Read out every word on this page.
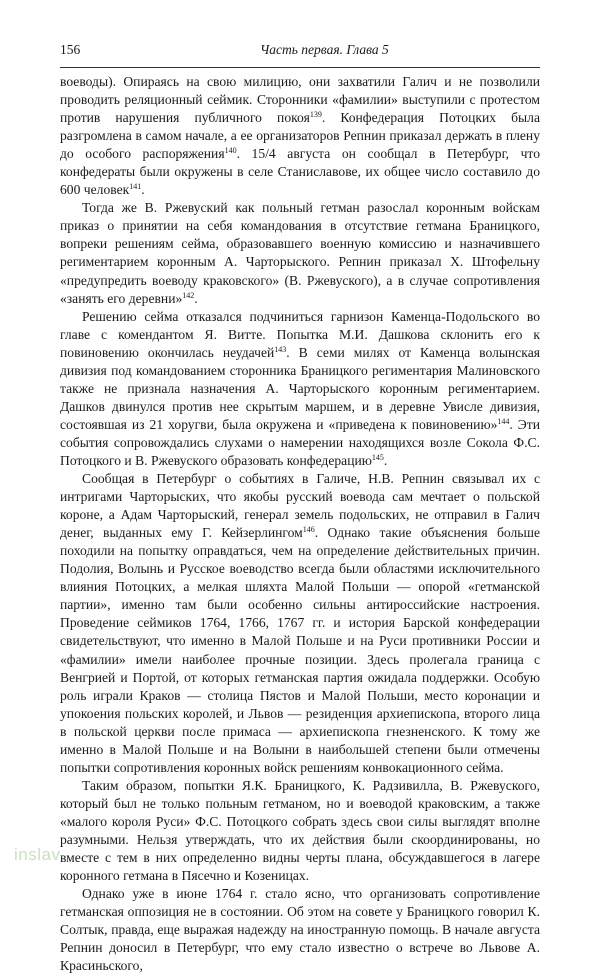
156	Часть первая. Глава 5

воеводы). Опираясь на свою милицию, они захватили Галич и не позволили проводить реляционный сеймик. Сторонники «фамилии» выступили с протестом против нарушения публичного покоя$^{139}$. Конфедерация Потоцких была разгромлена в самом начале, а ее организаторов Репнин приказал держать в плену до особого распоряжения$^{140}$. 15/4 августа он сообщал в Петербург, что конфедераты были окружены в селе Станиславове, их общее число составило до 600 человек$^{141}$.

Тогда же В. Ржевуский как польный гетман разослал коронным войскам приказ о принятии на себя командования в отсутствие гетмана Браницкого, вопреки решениям сейма, образовавшего военную комиссию и назначившего региментарием коронным А. Чарторыского. Репнин приказал Х. Штофельну «предупредить воеводу краковского» (В. Ржевуского), а в случае сопротивления «занять его деревни»$^{142}$.

Решению сейма отказался подчиниться гарнизон Каменца-Подольского во главе с комендантом Я. Витте. Попытка М.И. Дашкова склонить его к повиновению окончилась неудачей$^{143}$. В семи милях от Каменца волынская дивизия под командованием сторонника Браницкого региментария Малиновского также не признала назначения А. Чарторыского коронным региментарием. Дашков двинулся против нее скрытым маршем, и в деревне Увисле дивизия, состоявшая из 21 хоругви, была окружена и «приведена к повиновению»$^{144}$. Эти события сопровождались слухами о намерении находящихся возле Сокола Ф.С. Потоцкого и В. Ржевуского образовать конфедерацию$^{145}$.

Сообщая в Петербург о событиях в Галиче, Н.В. Репнин связывал их с интригами Чарторыских, что якобы русский воевода сам мечтает о польской короне, а Адам Чарторыский, генерал земель подольских, не отправил в Галич денег, выданных ему Г. Кейзерлингом$^{146}$. Однако такие объяснения больше походили на попытку оправдаться, чем на определение действительных причин. Подолия, Волынь и Русское воеводство всегда были областями исключительного влияния Потоцких, а мелкая шляхта Малой Польши — опорой «гетманской партии», именно там были особенно сильны антироссийские настроения. Проведение сеймиков 1764, 1766, 1767 гг. и история Барской конфедерации свидетельствуют, что именно в Малой Польше и на Руси противники России и «фамилии» имели наиболее прочные позиции. Здесь пролегала граница с Венгрией и Портой, от которых гетманская партия ожидала поддержки. Особую роль играли Краков — столица Пястов и Малой Польши, место коронации и упокоения польских королей, и Львов — резиденция архиепископа, второго лица в польской церкви после примаса — архиепископа гнезненского. К тому же именно в Малой Польше и на Волыни в наибольшей степени были отмечены попытки сопротивления коронных войск решениям конвокационного сейма.

Таким образом, попытки Я.К. Браницкого, К. Радзивилла, В. Ржевуского, который был не только польным гетманом, но и воеводой краковским, а также «малого короля Руси» Ф.С. Потоцкого собрать здесь свои силы выглядят вполне разумными. Нельзя утверждать, что их действия были скоординированы, но вместе с тем в них определенно видны черты плана, обсуждавшегося в лагере коронного гетмана в Пясечно и Козеницах.

Однако уже в июне 1764 г. стало ясно, что организовать сопротивление гетманская оппозиция не в состоянии. Об этом на совете у Браницкого говорил К. Солтык, правда, еще выражая надежду на иностранную помощь. В начале августа Репнин доносил в Петербург, что ему стало известно о встрече во Львове А. Красиньского,

inslav
